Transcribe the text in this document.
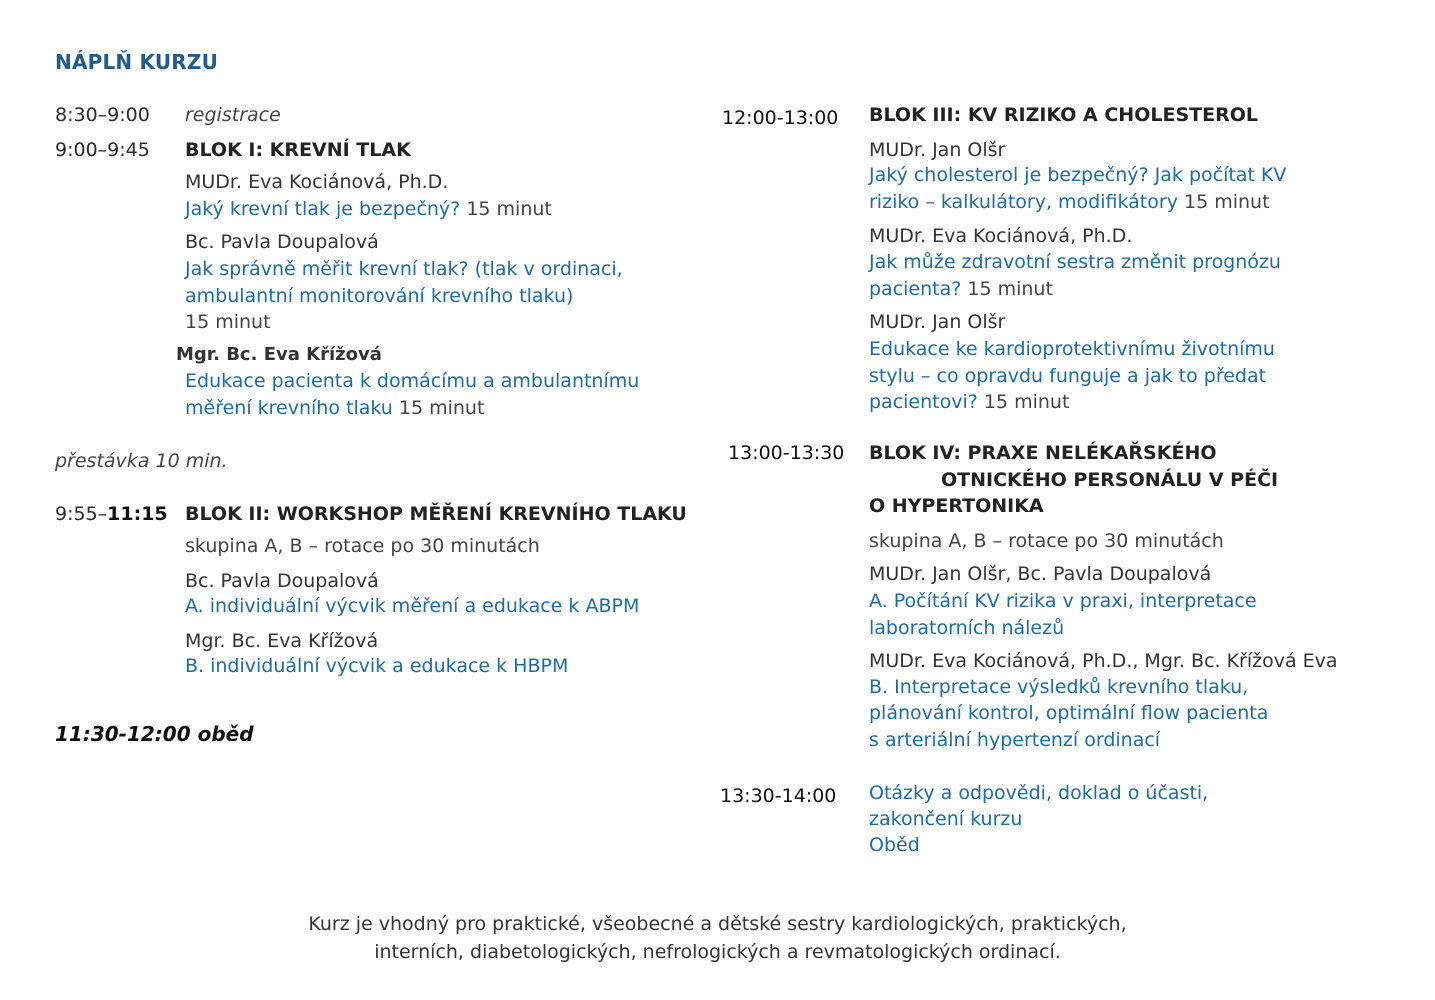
NÁPLŇ KURZU
8:30–9:00 registrace
9:00–9:45 BLOK I: KREVNÍ TLAK
MUDr. Eva Kociánová, Ph.D.
Jaký krevní tlak je bezpečný? 15 minut
Bc. Pavla Doupalová
Jak správně měřit krevní tlak? (tlak v ordinaci,
ambulantní monitorování krevního tlaku)
15 minut
Mgr. Bc. Eva Křížová
Edukace pacienta k domácímu a ambulantnímu
měření krevního tlaku 15 minut
přestávka 10 min.
9:55–11:15 BLOK II: WORKSHOP MĚŘENÍ KREVNÍHO TLAKU
skupina A, B – rotace po 30 minutách
Bc. Pavla Doupalová
A. individuální výcvik měření a edukace k ABPM
Mgr. Bc. Eva Křížová
B. individuální výcvik a edukace k HBPM
11:30-12:00 oběd
12:00-13:00 BLOK III: KV RIZIKO A CHOLESTEROL
MUDr. Jan Olšr
Jaký cholesterol je bezpečný? Jak počítat KV
riziko – kalkulátory, modifikátory 15 minut
MUDr. Eva Kociánová, Ph.D.
Jak může zdravotní sestra změnit prognózu
pacienta? 15 minut
MUDr. Jan Olšr
Edukace ke kardioprotektivnímu životnímu
stylu – co opravdu funguje a jak to předat
pacientovi? 15 minut
13:00-13:30 BLOK IV: PRAXE NELÉKAŘSKÉHO
OTNICKÉHO PERSONÁLU V PÉČI
O HYPERTONIKA
skupina A, B – rotace po 30 minutách
MUDr. Jan Olšr, Bc. Pavla Doupalová
A. Počítání KV rizika v praxi, interpretace
laboratorních nálezů
MUDr. Eva Kociánová, Ph.D., Mgr. Bc. Křížová Eva
B. Interpretace výsledků krevního tlaku,
plánování kontrol, optimální flow pacienta
s arteriální hypertenzí ordinací
13:30-14:00 Otázky a odpovědi, doklad o účasti,
zakončení kurzu
Oběd
Kurz je vhodný pro praktické, všeobecné a dětské sestry kardiologických, praktických,
interních, diabetologických, nefrologických a revmatologických ordinací.
